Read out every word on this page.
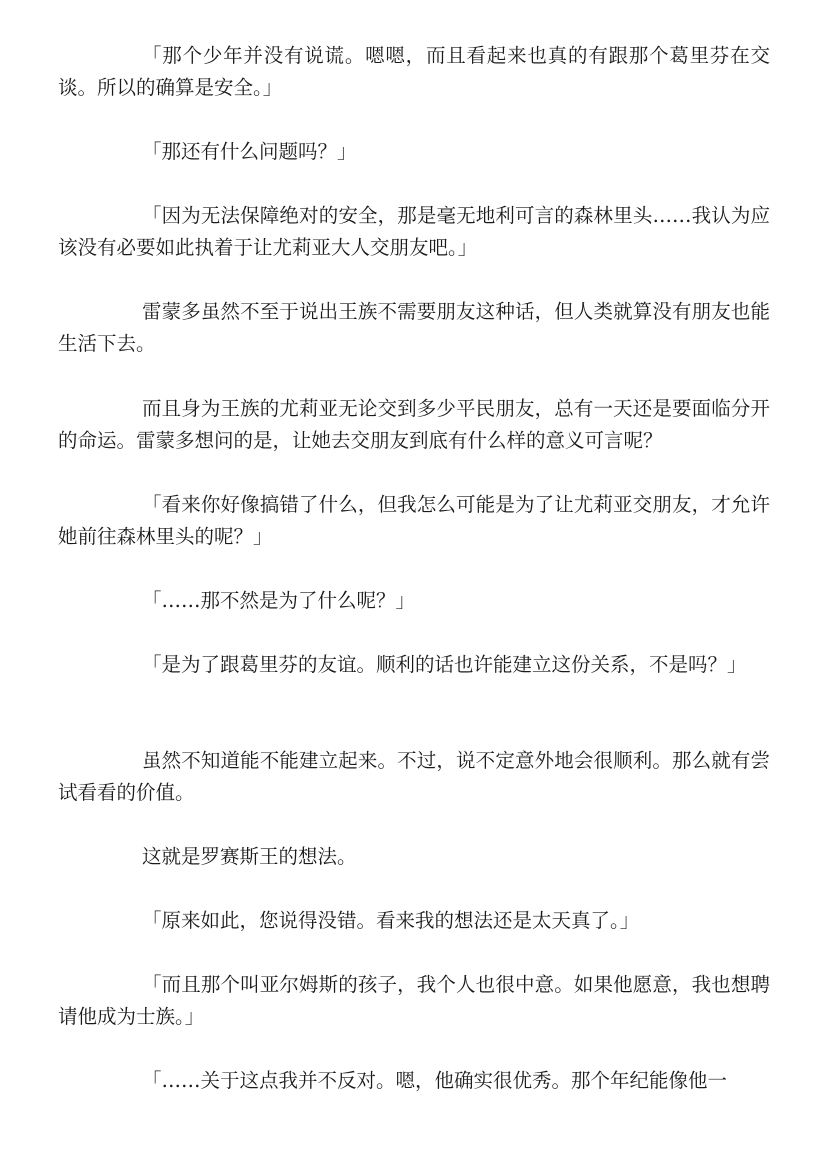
「那个少年并没有说谎。嗯嗯，而且看起来也真的有跟那个葛里芬在交谈。所以的确算是安全。」

「那还有什么问题吗？」

「因为无法保障绝对的安全，那是毫无地利可言的森林里头……我认为应该没有必要如此执着于让尤莉亚大人交朋友吧。」

雷蒙多虽然不至于说出王族不需要朋友这种话，但人类就算没有朋友也能生活下去。

而且身为王族的尤莉亚无论交到多少平民朋友，总有一天还是要面临分开的命运。雷蒙多想问的是，让她去交朋友到底有什么样的意义可言呢？

「看来你好像搞错了什么，但我怎么可能是为了让尤莉亚交朋友，才允许她前往森林里头的呢？」

「……那不然是为了什么呢？」

「是为了跟葛里芬的友谊。顺利的话也许能建立这份关系，不是吗？」

虽然不知道能不能建立起来。不过，说不定意外地会很顺利。那么就有尝试看看的价值。

这就是罗赛斯王的想法。

「原来如此，您说得没错。看来我的想法还是太天真了。」

「而且那个叫亚尔姆斯的孩子，我个人也很中意。如果他愿意，我也想聘请他成为士族。」

「……关于这点我并不反对。嗯，他确实很优秀。那个年纪能像他一
